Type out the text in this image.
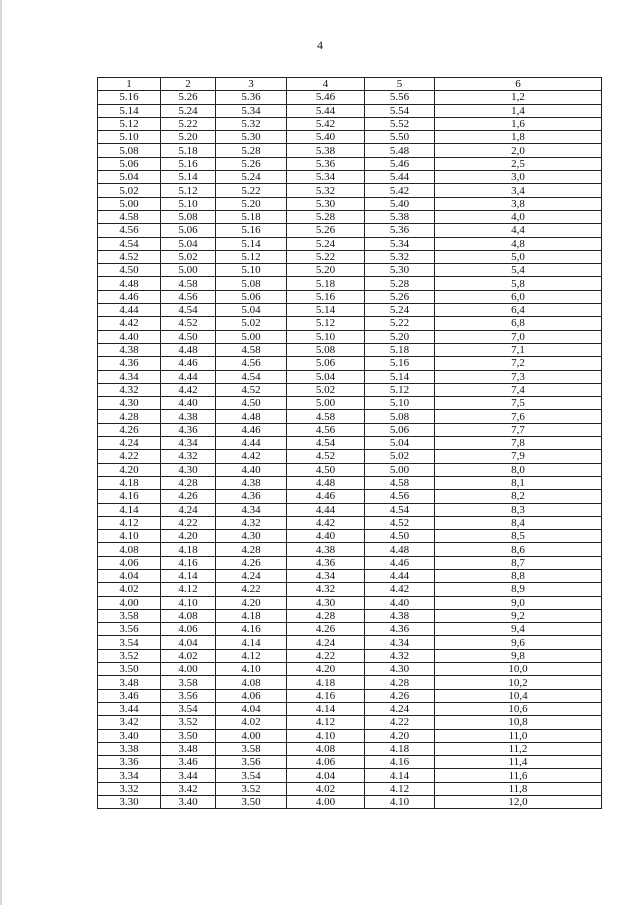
4
1	2	3	4	5	6
5.16	5.26	5.36	5.46	5.56	1,2
5.14	5.24	5.34	5.44	5.54	1,4
5.12	5.22	5.32	5.42	5.52	1,6
5.10	5.20	5.30	5.40	5.50	1,8
5.08	5.18	5.28	5.38	5.48	2,0
5.06	5.16	5.26	5.36	5.46	2,5
5.04	5.14	5.24	5.34	5.44	3,0
5.02	5.12	5.22	5.32	5.42	3,4
5.00	5.10	5.20	5.30	5.40	3,8
4.58	5.08	5.18	5.28	5.38	4,0
4.56	5.06	5.16	5.26	5.36	4,4
4.54	5.04	5.14	5.24	5.34	4,8
4.52	5.02	5.12	5.22	5.32	5,0
4.50	5.00	5.10	5.20	5.30	5,4
4.48	4.58	5.08	5.18	5.28	5,8
4.46	4.56	5.06	5.16	5.26	6,0
4.44	4.54	5.04	5.14	5.24	6,4
4.42	4.52	5.02	5.12	5.22	6,8
4.40	4.50	5.00	5.10	5.20	7,0
4.38	4.48	4.58	5.08	5.18	7,1
4.36	4.46	4.56	5.06	5.16	7,2
4.34	4.44	4.54	5.04	5.14	7,3
4.32	4.42	4.52	5.02	5.12	7,4
4.30	4.40	4.50	5.00	5.10	7,5
4.28	4.38	4.48	4.58	5.08	7,6
4.26	4.36	4.46	4.56	5.06	7,7
4.24	4.34	4.44	4.54	5.04	7,8
4.22	4.32	4.42	4.52	5.02	7,9
4.20	4.30	4.40	4.50	5.00	8,0
4.18	4.28	4.38	4.48	4.58	8,1
4.16	4.26	4.36	4.46	4.56	8,2
4.14	4.24	4.34	4.44	4.54	8,3
4.12	4.22	4.32	4.42	4.52	8,4
4.10	4.20	4.30	4.40	4.50	8,5
4.08	4.18	4.28	4.38	4.48	8,6
4.06	4.16	4.26	4.36	4.46	8,7
4.04	4.14	4.24	4.34	4.44	8,8
4.02	4.12	4.22	4.32	4.42	8,9
4.00	4.10	4.20	4.30	4.40	9,0
3.58	4.08	4.18	4.28	4.38	9,2
3.56	4.06	4.16	4.26	4.36	9,4
3.54	4.04	4.14	4.24	4.34	9,6
3.52	4.02	4.12	4.22	4.32	9,8
3.50	4.00	4.10	4.20	4.30	10,0
3.48	3.58	4.08	4.18	4.28	10,2
3.46	3.56	4.06	4.16	4.26	10,4
3.44	3.54	4.04	4.14	4.24	10,6
3.42	3.52	4.02	4.12	4.22	10,8
3.40	3.50	4.00	4.10	4.20	11,0
3.38	3.48	3.58	4.08	4.18	11,2
3.36	3.46	3.56	4.06	4.16	11,4
3.34	3.44	3.54	4.04	4.14	11,6
3.32	3.42	3.52	4.02	4.12	11,8
3.30	3.40	3.50	4.00	4.10	12,0
